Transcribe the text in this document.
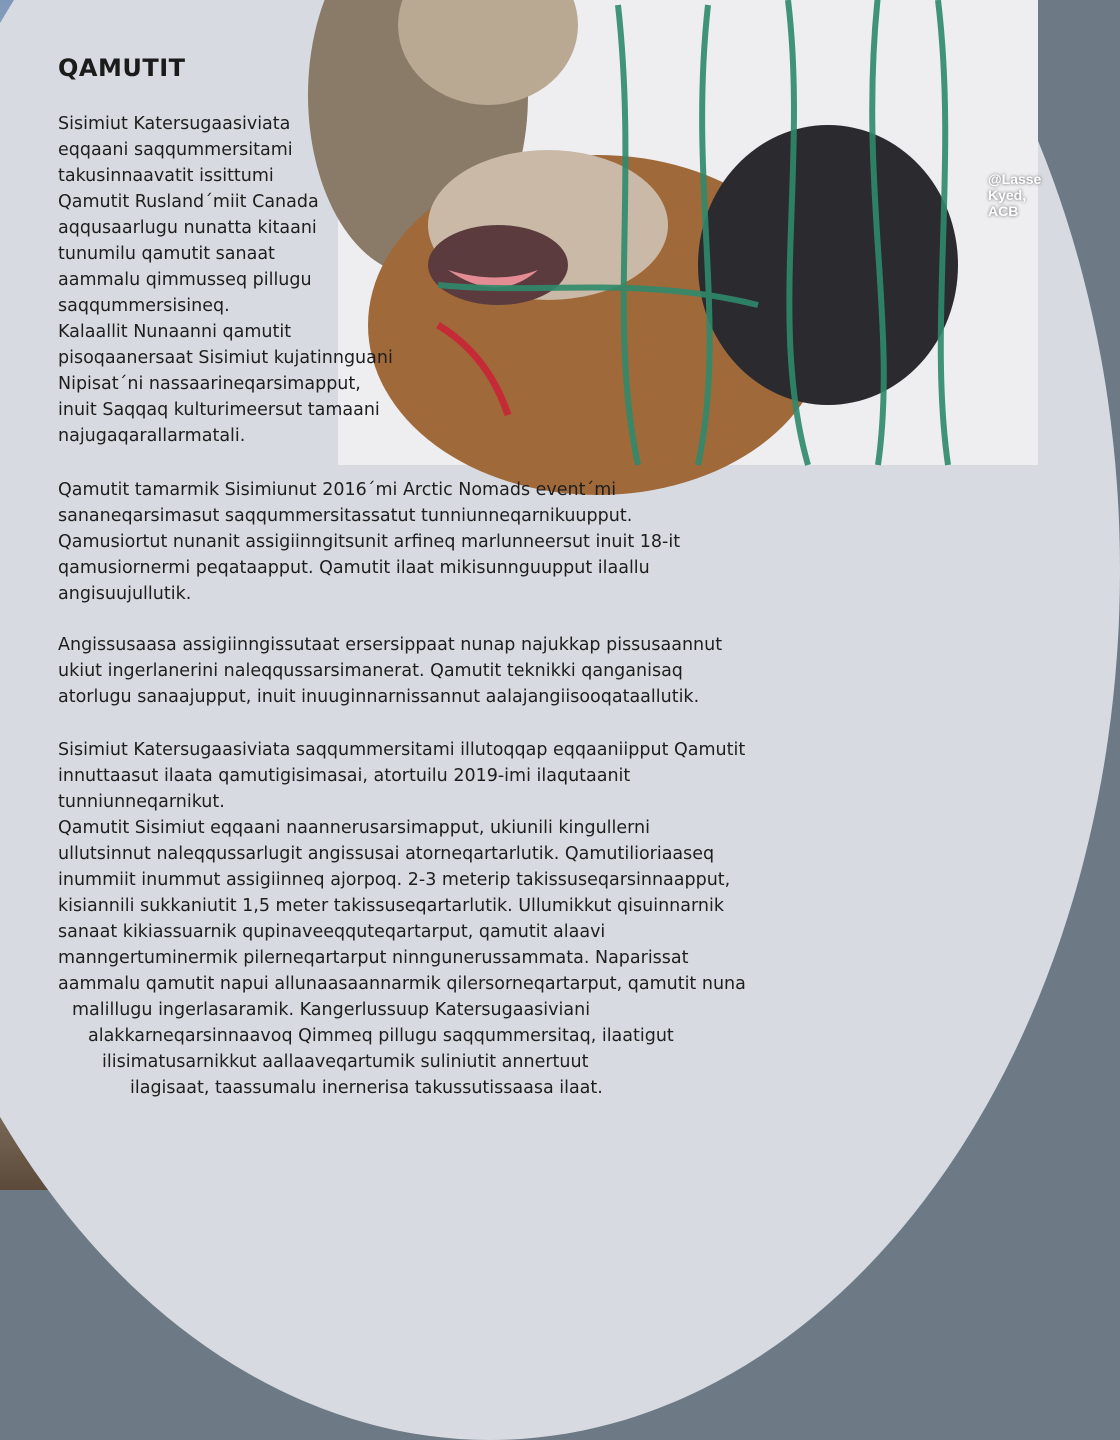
@Lasse Kyed, ACB
QAMUTIT
Sisimiut Katersugaasiviata
eqqaani saqqummersitami
takusinnaavatit issittumi
Qamutit Rusland´miit Canada
aqqusaarlugu nunatta kitaani
tunumilu qamutit sanaat
aammalu qimmusseq pillugu
saqqummersisineq.
Kalaallit Nunaanni qamutit
pisoqaanersaat Sisimiut kujatinnguani
Nipisat´ni nassaarineqarsimapput,
inuit Saqqaq kulturimeersut tamaani
najugaqarallarmatali.
Qamutit tamarmik Sisimiunut 2016´mi Arctic Nomads event´mi
sananeqarsimasut saqqummersitassatut tunniunneqarnikuupput.
Qamusiortut nunanit assigiinngitsunit arfineq marlunneersut inuit 18-it
qamusiornermi peqataapput. Qamutit ilaat mikisunnguupput ilaallu
angisuujullutik.
Angissusaasa assigiinngissutaat ersersippaat nunap najukkap pissusaannut
ukiut ingerlanerini naleqqussarsimanerat. Qamutit teknikki qanganisaq
atorlugu sanaajupput, inuit inuuginnarnissannut aalajangiisooqataallutik.
Sisimiut Katersugaasiviata saqqummersitami illutoqqap eqqaaniipput Qamutit
innuttaasut ilaata qamutigisimasai, atortuilu 2019-imi ilaqutaanit
tunniunneqarnikut.
Qamutit Sisimiut eqqaani naannerusarsimapput, ukiunili kingullerni
ullutsinnut naleqqussarlugit angissusai atorneqartarlutik. Qamutilioriaaseq
inummiit inummut assigiinneq ajorpoq. 2-3 meterip takissuseqarsinnaapput,
kisiannili sukkaniutit 1,5 meter takissuseqartarlutik. Ullumikkut qisuinnarnik
sanaat kikiassuarnik qupinaveeqquteqartarput, qamutit alaavi
manngertuminermik pilerneqartarput ninngunerussammata. Naparissat
aammalu qamutit napui allunaasaannarmik qilersorneqartarput, qamutit nuna
malillugu ingerlasaramik. Kangerlussuup Katersugaasiviani
alakkarneqarsinnaavoq Qimmeq pillugu saqqummersitaq, ilaatigut
ilisimatusarnikkut aallaaveqartumik suliniutit annertuut
ilagisaat, taassumalu inernerisa takussutissaasa ilaat.
